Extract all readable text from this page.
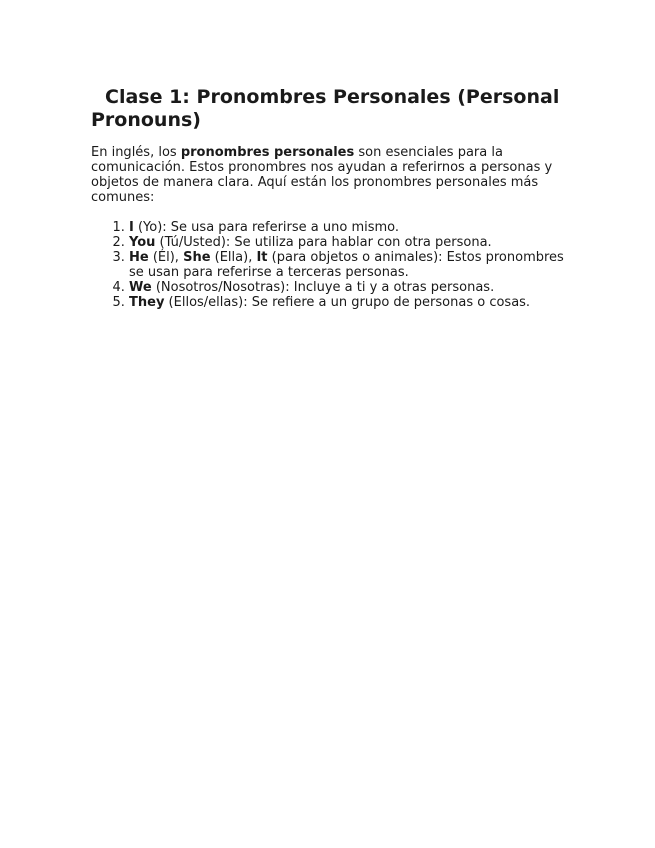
Clase 1: Pronombres Personales (Personal Pronouns)

En inglés, los pronombres personales son esenciales para la comunicación. Estos pronombres nos ayudan a referirnos a personas y objetos de manera clara. Aquí están los pronombres personales más comunes:

1. I (Yo): Se usa para referirse a uno mismo.
2. You (Tú/Usted): Se utiliza para hablar con otra persona.
3. He (Él), She (Ella), It (para objetos o animales): Estos pronombres se usan para referirse a terceras personas.
4. We (Nosotros/Nosotras): Incluye a ti y a otras personas.
5. They (Ellos/ellas): Se refiere a un grupo de personas o cosas.
